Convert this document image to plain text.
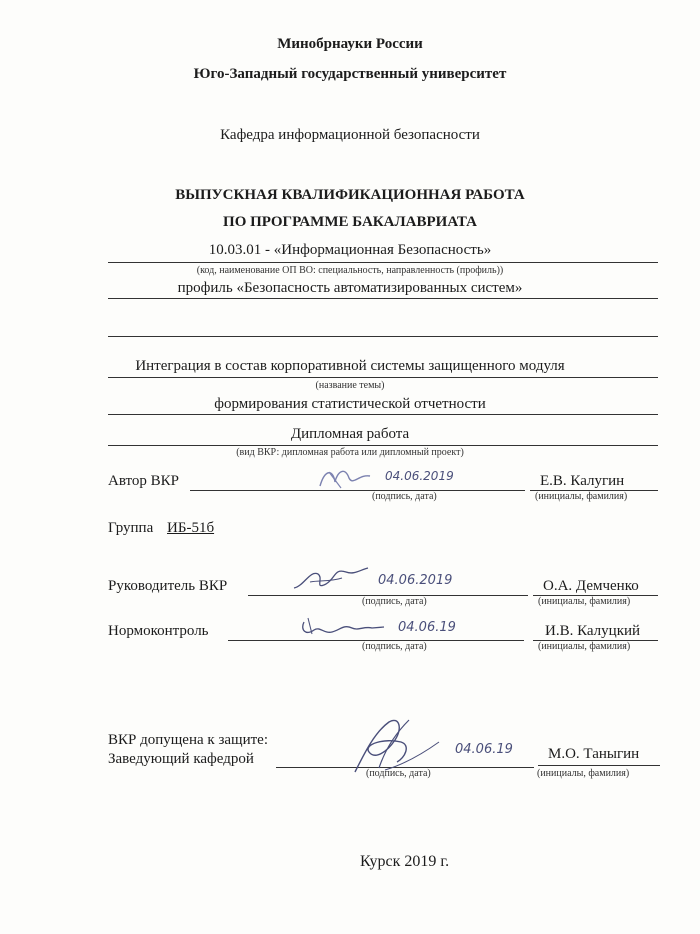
Минобрнауки России
Юго-Западный государственный университет
Кафедра информационной безопасности
ВЫПУСКНАЯ КВАЛИФИКАЦИОННАЯ РАБОТА
ПО ПРОГРАММЕ БАКАЛАВРИАТА
10.03.01 - «Информационная Безопасность»
(код, наименование ОП ВО: специальность, направленность (профиль))
профиль «Безопасность автоматизированных систем»
Интеграция в состав корпоративной системы защищенного модуля
(название темы)
формирования статистической отчетности
Дипломная работа
(вид ВКР: дипломная работа или дипломный проект)
Автор ВКР	04.06.2019
(подпись, дата)
Е.В. Калугин
(инициалы, фамилия)
Группа ИБ-51б
Руководитель ВКР	04.06.2019
(подпись, дата)
О.А. Демченко
(инициалы, фамилия)
Нормоконтроль	04.06.19
(подпись, дата)
И.В. Калуцкий
(инициалы, фамилия)
ВКР допущена к защите:
Заведующий кафедрой
04.06.19
(подпись, дата)
М.О. Таныгин
(инициалы, фамилия)
Курск 2019 г.
